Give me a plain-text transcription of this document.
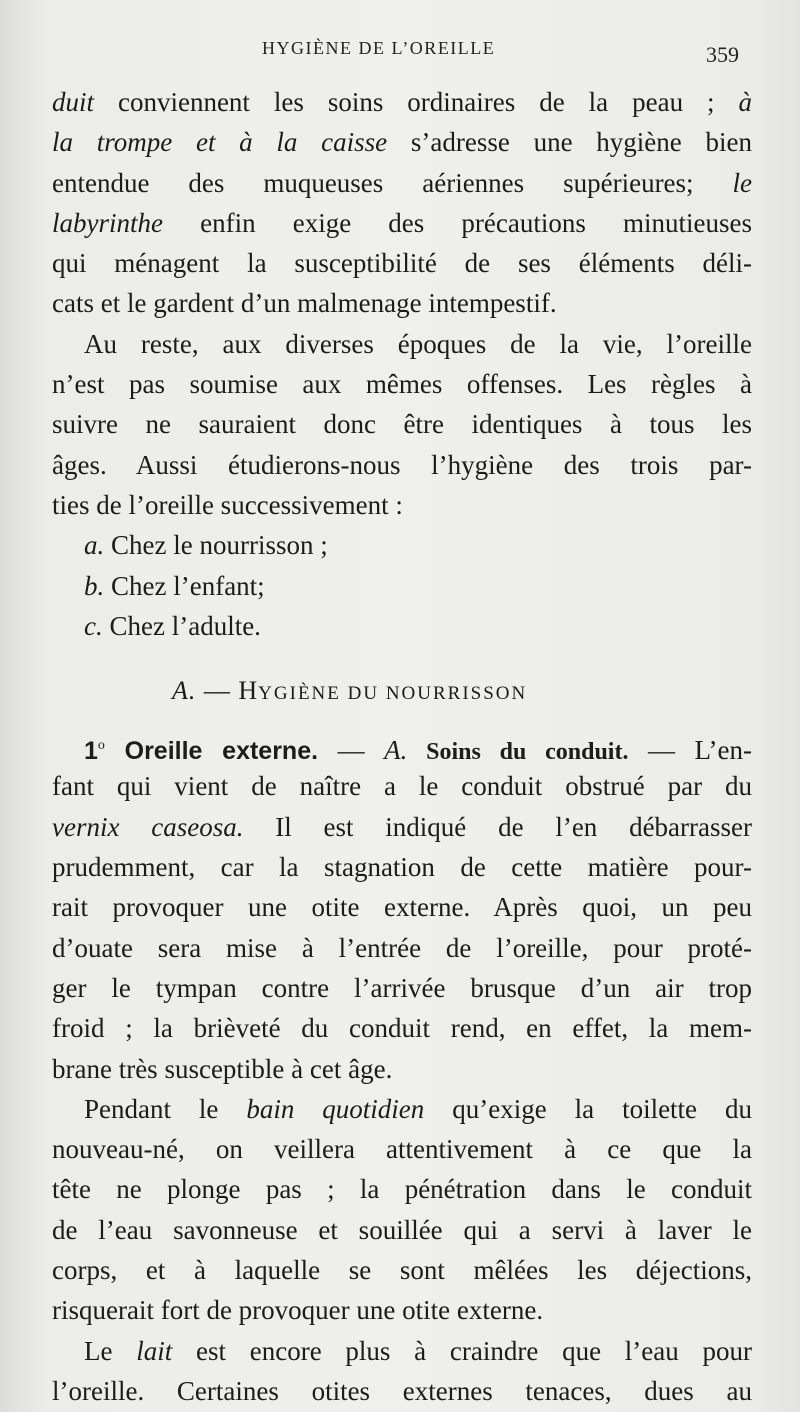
HYGIÈNE DE L’OREILLE	359
duit conviennent les soins ordinaires de la peau ; à
la trompe et à la caisse s’adresse une hygiène bien
entendue des muqueuses aériennes supérieures; le
labyrinthe enfin exige des précautions minutieuses
qui ménagent la susceptibilité de ses éléments déli-
cats et le gardent d’un malmenage intempestif.
Au reste, aux diverses époques de la vie, l’oreille
n’est pas soumise aux mêmes offenses. Les règles à
suivre ne sauraient donc être identiques à tous les
âges. Aussi étudierons-nous l’hygiène des trois par-
ties de l’oreille successivement :
a. Chez le nourrisson ;
b. Chez l’enfant;
c. Chez l’adulte.
A. — HYGIÈNE DU NOURRISSON
1$^o$ Oreille externe. — A. Soins du conduit. — L’en-
fant qui vient de naître a le conduit obstrué par du
vernix caseosa. Il est indiqué de l’en débarrasser
prudemment, car la stagnation de cette matière pour-
rait provoquer une otite externe. Après quoi, un peu
d’ouate sera mise à l’entrée de l’oreille, pour proté-
ger le tympan contre l’arrivée brusque d’un air trop
froid ; la brièveté du conduit rend, en effet, la mem-
brane très susceptible à cet âge.
Pendant le bain quotidien qu’exige la toilette du
nouveau-né, on veillera attentivement à ce que la
tête ne plonge pas ; la pénétration dans le conduit
de l’eau savonneuse et souillée qui a servi à laver le
corps, et à laquelle se sont mêlées les déjections,
risquerait fort de provoquer une otite externe.
Le lait est encore plus à craindre que l’eau pour
l’oreille. Certaines otites externes tenaces, dues au
